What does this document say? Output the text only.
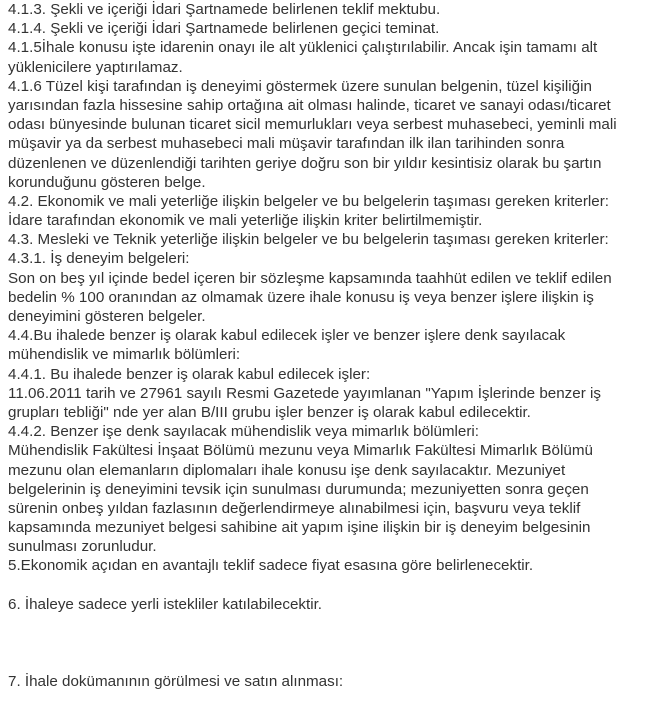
4.1.3. Şekli ve içeriği İdari Şartnamede belirlenen teklif mektubu.
4.1.4. Şekli ve içeriği İdari Şartnamede belirlenen geçici teminat.
4.1.5İhale konusu işte idarenin onayı ile alt yüklenici çalıştırılabilir. Ancak işin tamamı alt
yüklenicilere yaptırılamaz.
4.1.6 Tüzel kişi tarafından iş deneyimi göstermek üzere sunulan belgenin, tüzel kişiliğin
yarısından fazla hissesine sahip ortağına ait olması halinde, ticaret ve sanayi odası/ticaret
odası bünyesinde bulunan ticaret sicil memurlukları veya serbest muhasebeci, yeminli mali
müşavir ya da serbest muhasebeci mali müşavir tarafından ilk ilan tarihinden sonra
düzenlenen ve düzenlendiği tarihten geriye doğru son bir yıldır kesintisiz olarak bu şartın
korunduğunu gösteren belge.
4.2. Ekonomik ve mali yeterliğe ilişkin belgeler ve bu belgelerin taşıması gereken kriterler:
İdare tarafından ekonomik ve mali yeterliğe ilişkin kriter belirtilmemiştir.
4.3. Mesleki ve Teknik yeterliğe ilişkin belgeler ve bu belgelerin taşıması gereken kriterler:
4.3.1. İş deneyim belgeleri:
Son on beş yıl içinde bedel içeren bir sözleşme kapsamında taahhüt edilen ve teklif edilen
bedelin % 100 oranından az olmamak üzere ihale konusu iş veya benzer işlere ilişkin iş
deneyimini gösteren belgeler.
4.4.Bu ihalede benzer iş olarak kabul edilecek işler ve benzer işlere denk sayılacak
mühendislik ve mimarlık bölümleri:
4.4.1. Bu ihalede benzer iş olarak kabul edilecek işler:
11.06.2011 tarih ve 27961 sayılı Resmi Gazetede yayımlanan "Yapım İşlerinde benzer iş
grupları tebliği" nde yer alan B/III grubu işler benzer iş olarak kabul edilecektir.
4.4.2. Benzer işe denk sayılacak mühendislik veya mimarlık bölümleri:
Mühendislik Fakültesi İnşaat Bölümü mezunu veya Mimarlık Fakültesi Mimarlık Bölümü
mezunu olan elemanların diplomaları ihale konusu işe denk sayılacaktır. Mezuniyet
belgelerinin iş deneyimini tevsik için sunulması durumunda; mezuniyetten sonra geçen
sürenin onbeş yıldan fazlasının değerlendirmeye alınabilmesi için, başvuru veya teklif
kapsamında mezuniyet belgesi sahibine ait yapım işine ilişkin bir iş deneyim belgesinin
sunulması zorunludur.
5.Ekonomik açıdan en avantajlı teklif sadece fiyat esasına göre belirlenecektir.
6. İhaleye sadece yerli istekliler katılabilecektir.
7. İhale dokümanının görülmesi ve satın alınması:
